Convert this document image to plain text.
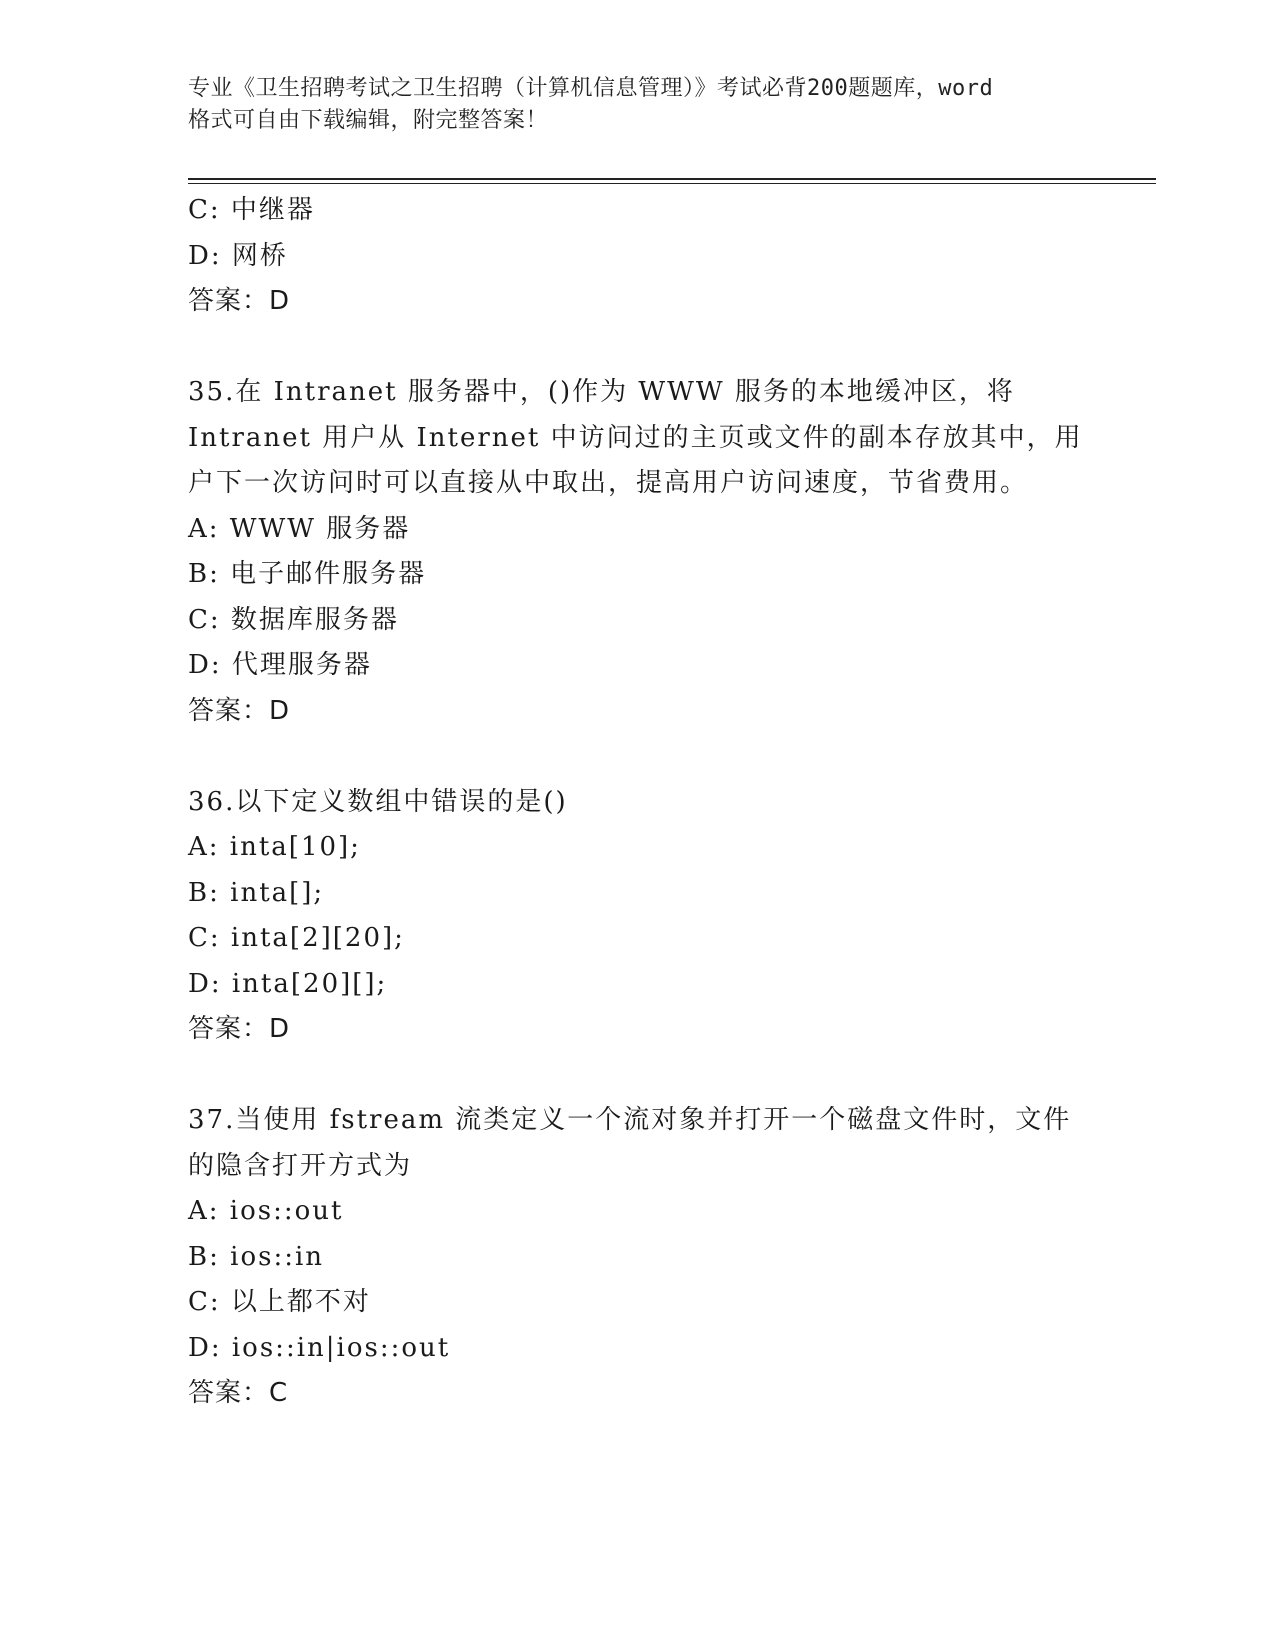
专业《卫生招聘考试之卫生招聘（计算机信息管理）》考试必背200题题库，word
格式可自由下载编辑，附完整答案！
C: 中继器
D: 网桥
答案：D
35.在 Intranet 服务器中，()作为 WWW 服务的本地缓冲区，将
Intranet 用户从 Internet 中访问过的主页或文件的副本存放其中，用
户下一次访问时可以直接从中取出，提高用户访问速度，节省费用。
A: WWW 服务器
B: 电子邮件服务器
C: 数据库服务器
D: 代理服务器
答案：D
36.以下定义数组中错误的是()
A: inta[10];
B: inta[];
C: inta[2][20];
D: inta[20][];
答案：D
37.当使用 fstream 流类定义一个流对象并打开一个磁盘文件时，文件
的隐含打开方式为
A: ios::out
B: ios::in
C: 以上都不对
D: ios::in|ios::out
答案：C
